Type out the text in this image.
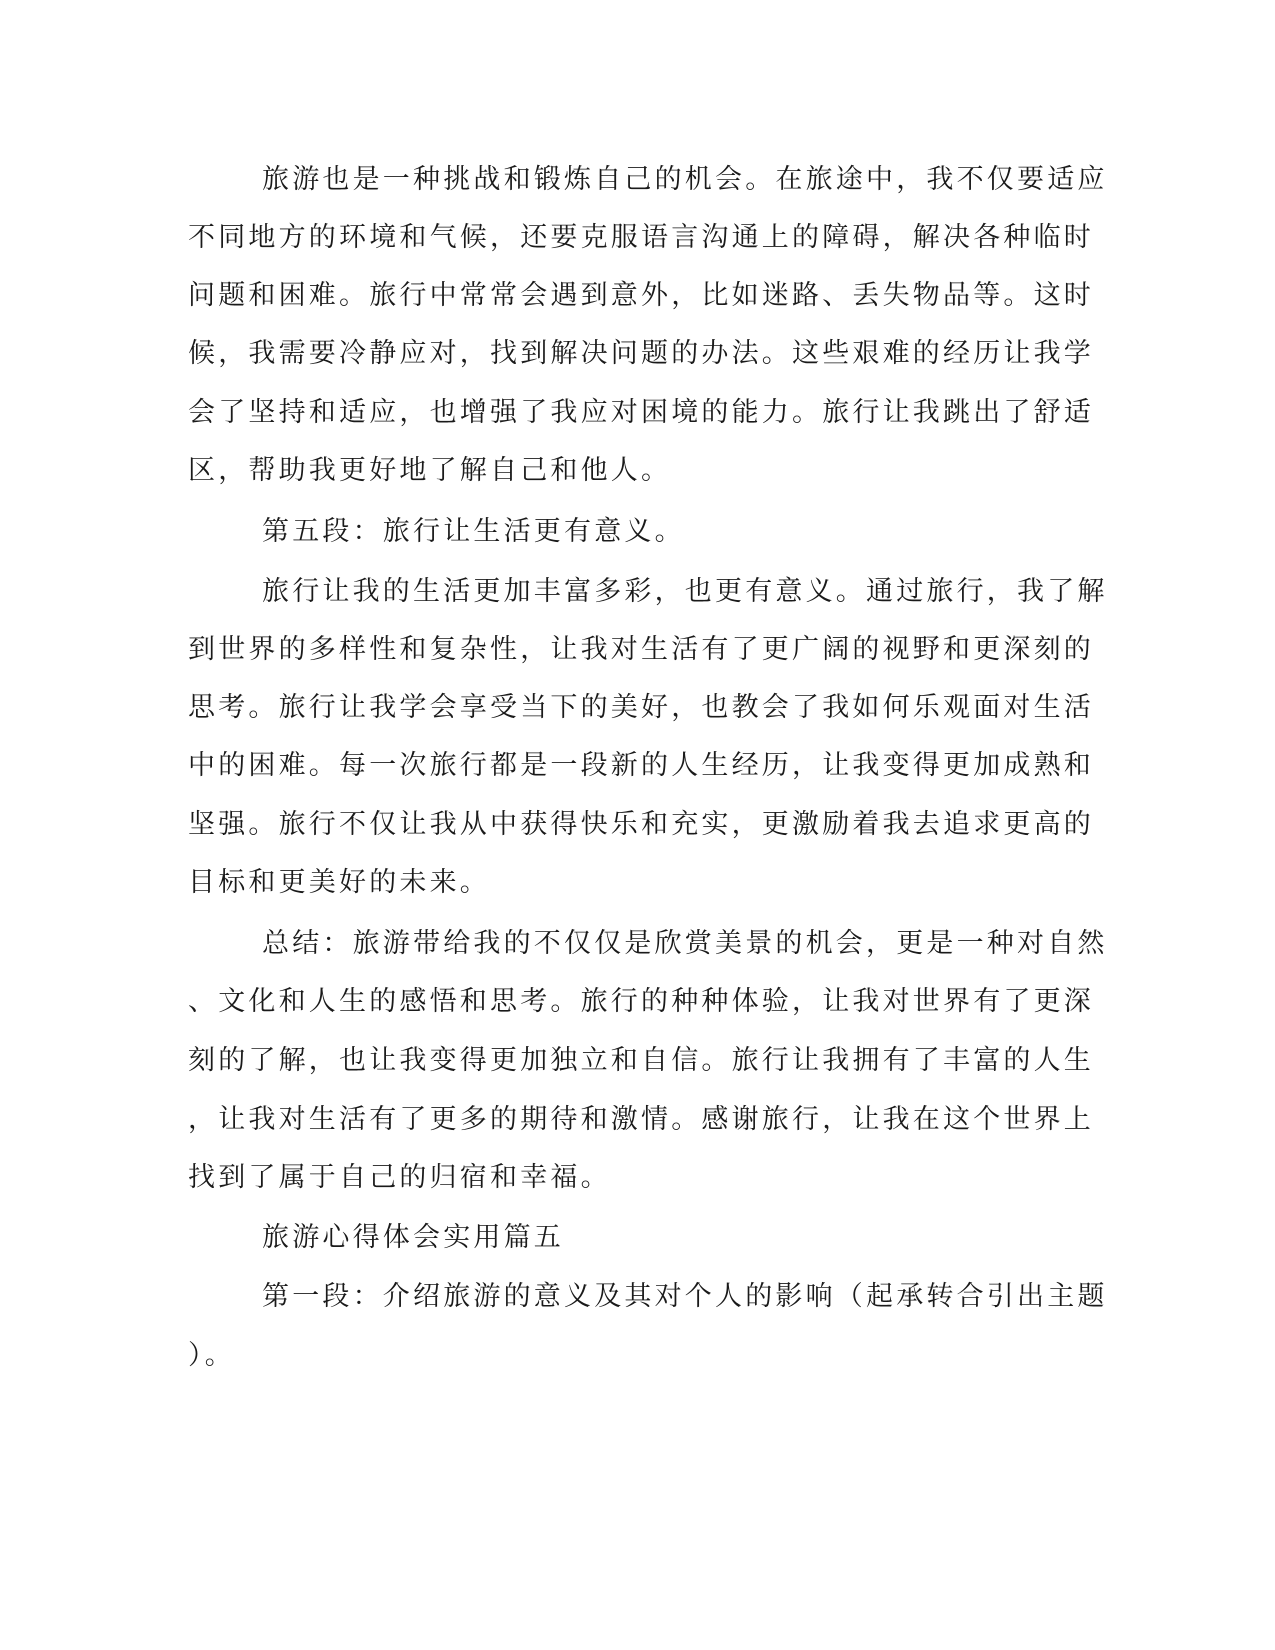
旅游也是一种挑战和锻炼自己的机会。在旅途中，我不仅要适应
不同地方的环境和气候，还要克服语言沟通上的障碍，解决各种临时
问题和困难。旅行中常常会遇到意外，比如迷路、丢失物品等。这时
候，我需要冷静应对，找到解决问题的办法。这些艰难的经历让我学
会了坚持和适应，也增强了我应对困境的能力。旅行让我跳出了舒适
区，帮助我更好地了解自己和他人。
第五段：旅行让生活更有意义。
旅行让我的生活更加丰富多彩，也更有意义。通过旅行，我了解
到世界的多样性和复杂性，让我对生活有了更广阔的视野和更深刻的
思考。旅行让我学会享受当下的美好，也教会了我如何乐观面对生活
中的困难。每一次旅行都是一段新的人生经历，让我变得更加成熟和
坚强。旅行不仅让我从中获得快乐和充实，更激励着我去追求更高的
目标和更美好的未来。
总结：旅游带给我的不仅仅是欣赏美景的机会，更是一种对自然
、文化和人生的感悟和思考。旅行的种种体验，让我对世界有了更深
刻的了解，也让我变得更加独立和自信。旅行让我拥有了丰富的人生
，让我对生活有了更多的期待和激情。感谢旅行，让我在这个世界上
找到了属于自己的归宿和幸福。
旅游心得体会实用篇五
第一段：介绍旅游的意义及其对个人的影响（起承转合引出主题
）。
